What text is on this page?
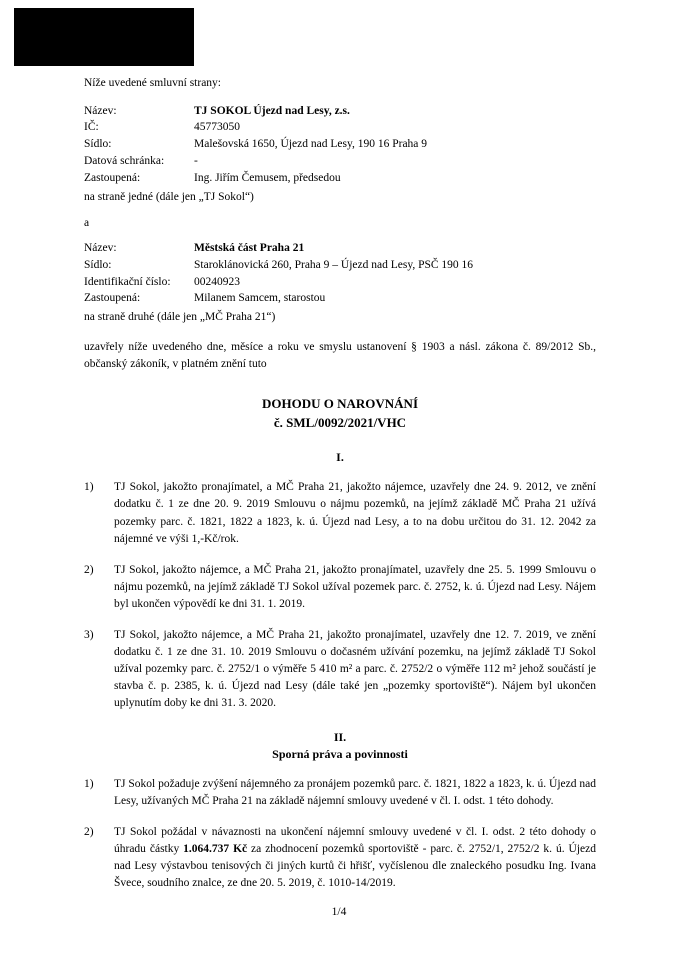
Níže uvedené smluvní strany:
Název:	TJ SOKOL Újezd nad Lesy, z.s.
IČ:	45773050
Sídlo:	Malešovská 1650, Újezd nad Lesy, 190 16 Praha 9
Datová schránka:	-
Zastoupená:	Ing. Jiřím Čemusem, předsedou
na straně jedné (dále jen „TJ Sokol“)
a
Název:	Městská část Praha 21
Sídlo:	Staroklánovická 260, Praha 9 – Újezd nad Lesy, PSČ 190 16
Identifikační číslo:	00240923
Zastoupená:	Milanem Samcem, starostou
na straně druhé (dále jen „MČ Praha 21“)
uzavřely níže uvedeného dne, měsíce a roku ve smyslu ustanovení § 1903 a násl. zákona č. 89/2012 Sb., občanský zákoník, v platném znění tuto
DOHODU O NAROVNÁNÍ
č. SML/0092/2021/VHC
I.
1)	TJ Sokol, jakožto pronajímatel, a MČ Praha 21, jakožto nájemce, uzavřely dne 24. 9. 2012, ve znění dodatku č. 1 ze dne 20. 9. 2019 Smlouvu o nájmu pozemků, na jejímž základě MČ Praha 21 užívá pozemky parc. č. 1821, 1822 a 1823, k. ú. Újezd nad Lesy, a to na dobu určitou do 31. 12. 2042 za nájemné ve výši 1,-Kč/rok.
2)	TJ Sokol, jakožto nájemce, a MČ Praha 21, jakožto pronajímatel, uzavřely dne 25. 5. 1999 Smlouvu o nájmu pozemků, na jejímž základě TJ Sokol užíval pozemek parc. č. 2752, k. ú. Újezd nad Lesy. Nájem byl ukončen výpovědí ke dni 31. 1. 2019.
3)	TJ Sokol, jakožto nájemce, a MČ Praha 21, jakožto pronajímatel, uzavřely dne 12. 7. 2019, ve znění dodatku č. 1 ze dne 31. 10. 2019 Smlouvu o dočasném užívání pozemku, na jejímž základě TJ Sokol užíval pozemky parc. č. 2752/1 o výměře 5 410 m² a parc. č. 2752/2 o výměře 112 m² jehož součástí je stavba č. p. 2385, k. ú. Újezd nad Lesy (dále také jen „pozemky sportoviště“). Nájem byl ukončen uplynutím doby ke dni 31. 3. 2020.
II.
Sporná práva a povinnosti
1)	TJ Sokol požaduje zvýšení nájemného za pronájem pozemků parc. č. 1821, 1822 a 1823, k. ú. Újezd nad Lesy, užívaných MČ Praha 21 na základě nájemní smlouvy uvedené v čl. I. odst. 1 této dohody.
2)	TJ Sokol požádal v návaznosti na ukončení nájemní smlouvy uvedené v čl. I. odst. 2 této dohody o úhradu částky 1.064.737 Kč za zhodnocení pozemků sportoviště - parc. č. 2752/1, 2752/2 k. ú. Újezd nad Lesy výstavbou tenisových či jiných kurtů či hřišť, vyčíslenou dle znaleckého posudku Ing. Ivana Švece, soudního znalce, ze dne 20. 5. 2019, č. 1010-14/2019.
1/4
